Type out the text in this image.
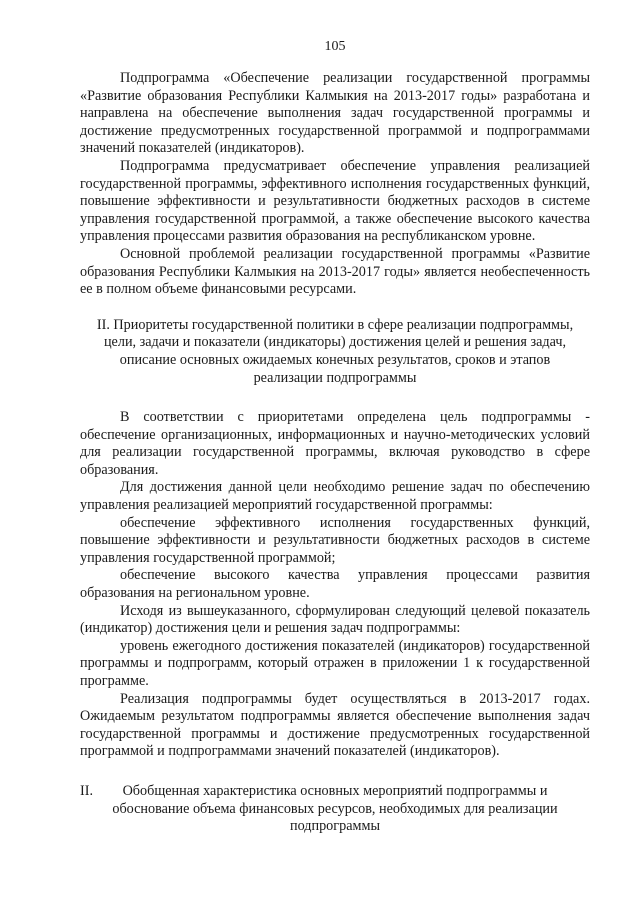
105

Подпрограмма «Обеспечение реализации государственной программы «Развитие образования Республики Калмыкия на 2013-2017 годы» разработана и направлена на обеспечение выполнения задач государственной программы и достижение предусмотренных государственной программой и подпрограммами значений показателей (индикаторов).

Подпрограмма предусматривает обеспечение управления реализацией государственной программы, эффективного исполнения государственных функций, повышение эффективности и результативности бюджетных расходов в системе управления государственной программой, а также обеспечение высокого качества управления процессами развития образования на республиканском уровне.

Основной проблемой реализации государственной программы «Развитие образования Республики Калмыкия на 2013-2017 годы» является необеспеченность ее в полном объеме финансовыми ресурсами.

II. Приоритеты государственной политики в сфере реализации подпрограммы,
цели, задачи и показатели (индикаторы) достижения целей и решения задач,
описание основных ожидаемых конечных результатов, сроков и этапов
реализации подпрограммы

В соответствии с приоритетами определена цель подпрограммы - обеспечение организационных, информационных и научно-методических условий для реализации государственной программы, включая руководство в сфере образования.

Для достижения данной цели необходимо решение задач по обеспечению управления реализацией мероприятий государственной программы:

обеспечение эффективного исполнения государственных функций, повышение эффективности и результативности бюджетных расходов в системе управления государственной программой;

обеспечение высокого качества управления процессами развития образования на региональном уровне.

Исходя из вышеуказанного, сформулирован следующий целевой показатель (индикатор) достижения цели и решения задач подпрограммы:

уровень ежегодного достижения показателей (индикаторов) государственной программы и подпрограмм, который отражен в приложении 1 к государственной программе.

Реализация подпрограммы будет осуществляться в 2013-2017 годах. Ожидаемым результатом подпрограммы является обеспечение выполнения задач государственной программы и достижение предусмотренных государственной программой и подпрограммами значений показателей (индикаторов).

II. Обобщенная характеристика основных мероприятий подпрограммы и
обоснование объема финансовых ресурсов, необходимых для реализации
подпрограммы
